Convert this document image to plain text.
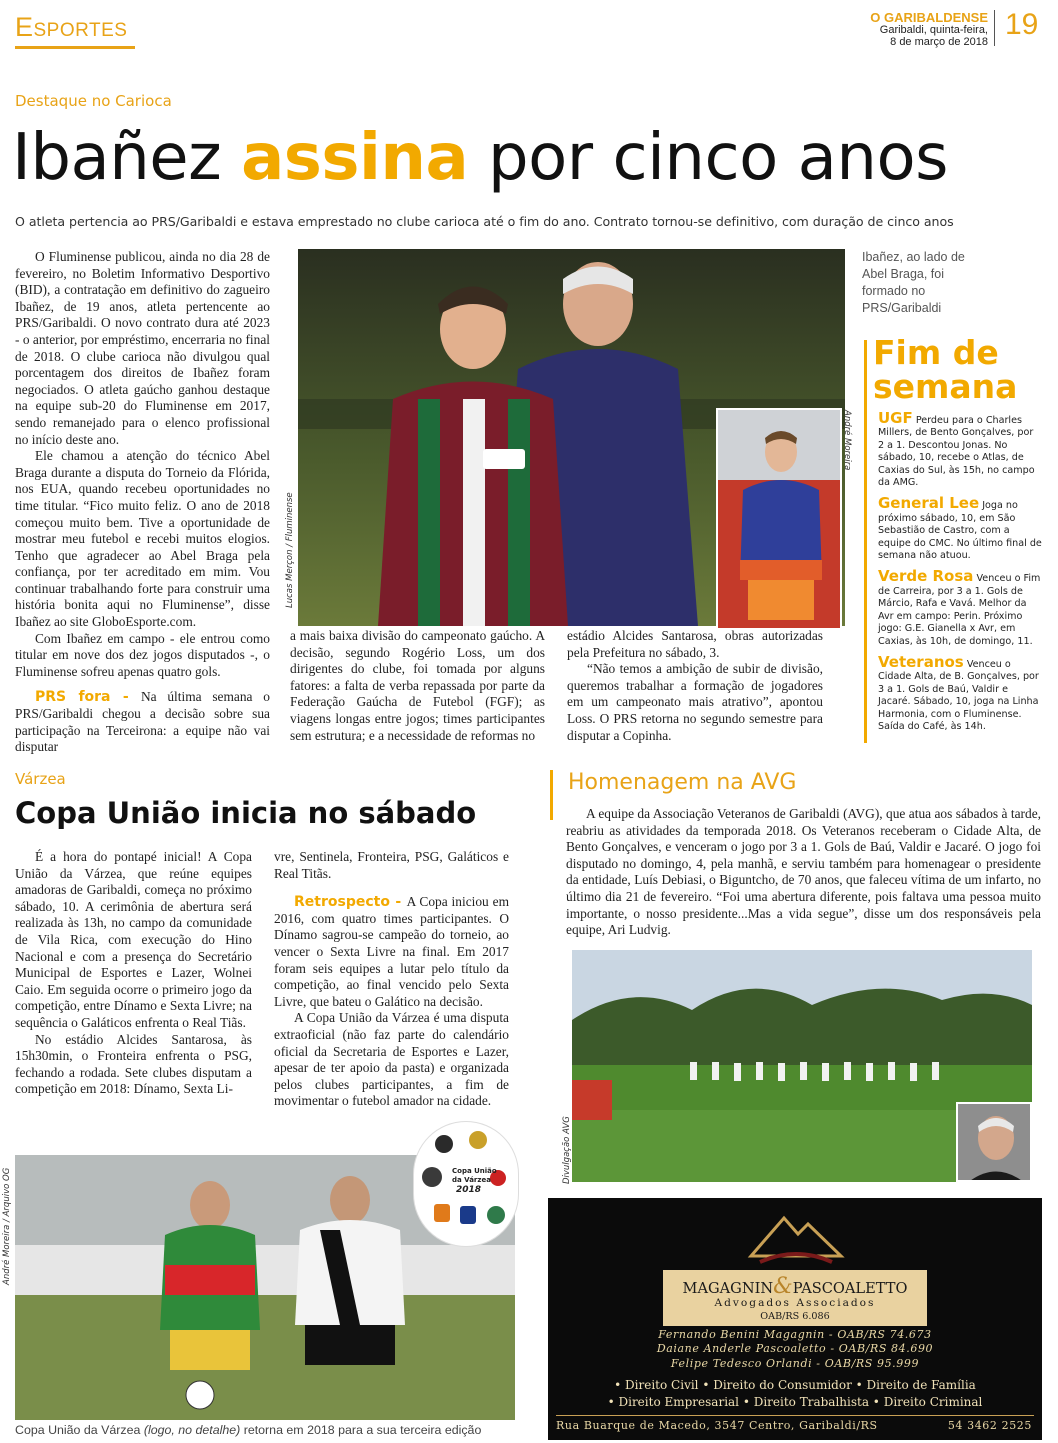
Esportes	O GARIBALDENSE
Garibaldi, quinta-feira,
8 de março de 2018
19
Destaque no Carioca
Ibañez assina por cinco anos
O atleta pertencia ao PRS/Garibaldi e estava emprestado no clube carioca até o fim do ano. Contrato tornou-se definitivo, com duração de cinco anos

O Fluminense publicou, ainda no dia 28 de fevereiro, no Boletim Informativo Desportivo (BID), a contratação em definitivo do zagueiro Ibañez, de 19 anos, atleta pertencente ao PRS/Garibaldi. O novo contrato dura até 2023 - o anterior, por empréstimo, encerraria no final de 2018. O clube carioca não divulgou qual porcentagem dos direitos de Ibañez foram negociados. O atleta gaúcho ganhou destaque na equipe sub-20 do Fluminense em 2017, sendo remanejado para o elenco profissional no início deste ano.

Ele chamou a atenção do técnico Abel Braga durante a disputa do Torneio da Flórida, nos EUA, quando recebeu oportunidades no time titular. “Fico muito feliz. O ano de 2018 começou muito bem. Tive a oportunidade de mostrar meu futebol e recebi muitos elogios. Tenho que agradecer ao Abel Braga pela confiança, por ter acreditado em mim. Vou continuar trabalhando forte para construir uma história bonita aqui no Fluminense”, disse Ibañez ao site GloboEsporte.com.

Com Ibañez em campo - ele entrou como titular em nove dos dez jogos disputados -, o Fluminense sofreu apenas quatro gols.

PRS fora - Na última semana o PRS/Garibaldi chegou a decisão sobre sua participação na Terceirona: a equipe não vai disputar

Lucas Merçon / Fluminense
André Moreira
a mais baixa divisão do campeonato gaúcho. A decisão, segundo Rogério Loss, um dos dirigentes do clube, foi tomada por alguns fatores: a falta de verba repassada por parte da Federação Gaúcha de Futebol (FGF); as viagens longas entre jogos; times participantes sem estrutura; e a necessidade de reformas no
estádio Alcides Santarosa, obras autorizadas pela Prefeitura no sábado, 3.

“Não temos a ambição de subir de divisão, queremos trabalhar a formação de jogadores em um campeonato mais atrativo”, apontou Loss. O PRS retorna no segundo semestre para disputar a Copinha.

Ibañez, ao lado de Abel Braga, foi formado no PRS/Garibaldi
Fim de semana
UGF Perdeu para o Charles Millers, de Bento Gonçalves, por 2 a 1. Descontou Jonas. No sábado, 10, recebe o Atlas, de Caxias do Sul, às 15h, no campo da AMG.
General Lee Joga no próximo sábado, 10, em São Sebastião de Castro, com a equipe do CMC. No último final de semana não atuou.
Verde Rosa Venceu o Fim de Carreira, por 3 a 1. Gols de Márcio, Rafa e Vavá. Melhor da Avr em campo: Perin. Próximo jogo: G.E. Gianella x Avr, em Caxias, às 10h, de domingo, 11.
Veteranos Venceu o Cidade Alta, de B. Gonçalves, por 3 a 1. Gols de Baú, Valdir e Jacaré. Sábado, 10, joga na Linha Harmonia, com o Fluminense. Saída do Café, às 14h.
Várzea
Copa União inicia no sábado

É a hora do pontapé inicial! A Copa União da Várzea, que reúne equipes amadoras de Garibaldi, começa no próximo sábado, 10. A cerimônia de abertura será realizada às 13h, no campo da comunidade de Vila Rica, com execução do Hino Nacional e com a presença do Secretário Municipal de Esportes e Lazer, Wolnei Caio. Em seguida ocorre o primeiro jogo da competição, entre Dínamo e Sexta Livre; na sequência o Galáticos enfrenta o Real Tiãs.

No estádio Alcides Santarosa, às 15h30min, o Fronteira enfrenta o PSG, fechando a rodada. Sete clubes disputam a competição em 2018: Dínamo, Sexta Li-

vre, Sentinela, Fronteira, PSG, Galáticos e Real Titãs.

Retrospecto - A Copa iniciou em 2016, com quatro times participantes. O Dínamo sagrou-se campeão do torneio, ao vencer o Sexta Livre na final. Em 2017 foram seis equipes a lutar pelo título da competição, ao final vencido pelo Sexta Livre, que bateu o Galático na decisão.

A Copa União da Várzea é uma disputa extraoficial (não faz parte do calendário oficial da Secretaria de Esportes e Lazer, apesar de ter apoio da pasta) e organizada pelos clubes participantes, a fim de movimentar o futebol amador na cidade.

Copa União
da Várzea
2018
André Moreira / Arquivo OG
Copa União da Várzea (logo, no detalhe) retorna em 2018 para a sua terceira edição
Homenagem na AVG

A equipe da Associação Veteranos de Garibaldi (AVG), que atua aos sábados à tarde, reabriu as atividades da temporada 2018. Os Veteranos receberam o Cidade Alta, de Bento Gonçalves, e venceram o jogo por 3 a 1. Gols de Baú, Valdir e Jacaré. O jogo foi disputado no domingo, 4, pela manhã, e serviu também para homenagear o presidente da entidade, Luís Debiasi, o Biguntcho, de 70 anos, que faleceu vítima de um infarto, no último dia 21 de fevereiro. “Foi uma abertura diferente, pois faltava uma pessoa muito importante, o nosso presidente...Mas a vida segue”, disse um dos responsáveis pela equipe, Ari Ludvig.

Divulgação AVG
MAGAGNIN&PASCOALETTO
Advogados Associados
OAB/RS 6.086
Fernando Benini Magagnin - OAB/RS 74.673
Daiane Anderle Pascoaletto - OAB/RS 84.690
Felipe Tedesco Orlandi - OAB/RS 95.999
• Direito Civil • Direito do Consumidor • Direito de Família
• Direito Empresarial • Direito Trabalhista • Direito Criminal
Rua Buarque de Macedo, 3547 Centro, Garibaldi/RS	54 3462 2525
